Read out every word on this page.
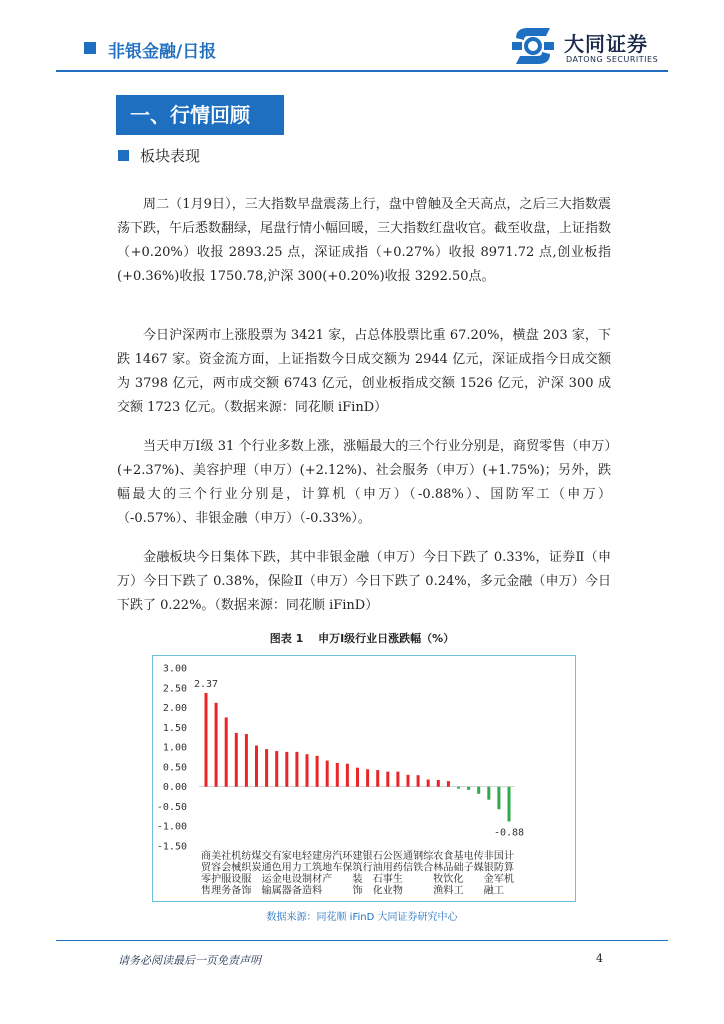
非银金融/日报	大同证券
DATONG SECURITIES
一、行情回顾
板块表现

周二（1月9日），三大指数早盘震荡上行，盘中曾触及全天高点，之后三大指数震荡下跌，午后悉数翻绿，尾盘行情小幅回暖，三大指数红盘收官。截至收盘，上证指数（+0.20%）收报 2893.25 点，深证成指（+0.27%）收报 8971.72 点,创业板指(+0.36%)收报 1750.78,沪深 300(+0.20%)收报 3292.50点。

今日沪深两市上涨股票为 3421 家，占总体股票比重 67.20%，横盘 203 家，下跌 1467 家。资金流方面，上证指数今日成交额为 2944 亿元，深证成指今日成交额为 3798 亿元，两市成交额 6743 亿元，创业板指成交额 1526 亿元，沪深 300 成交额 1723 亿元。（数据来源：同花顺 iFinD）

当天申万Ⅰ级 31 个行业多数上涨，涨幅最大的三个行业分别是，商贸零售（申万）(+2.37%)、美容护理（申万）(+2.12%)、社会服务（申万）(+1.75%)；另外，跌幅最大的三个行业分别是，计算机（申万）（-0.88%）、国防军工（申万）（-0.57%）、非银金融（申万）（-0.33%）。

金融板块今日集体下跌，其中非银金融（申万）今日下跌了 0.33%，证券Ⅱ（申万）今日下跌了 0.38%，保险Ⅱ（申万）今日下跌了 0.24%，多元金融（申万）今日下跌了 0.22%。（数据来源：同花顺 iFinD）

图表 1　 申万Ⅰ级行业日涨跌幅（%）
3.00
2.50
2.00
1.50
1.00
0.50
0.00
-0.50
-1.00
-1.50
2.37
-0.88
商贸零售
美容护理
社会服务
机械设备
纺织服饰
煤炭
交通运输
有色金属
家用电器
电力设备
轻工制造
建筑材料
房地产
汽车
环保
建筑装饰
银行
石油石化
公用事业
医药生物
通信
钢铁
综合
农林牧渔
食品饮料
基础化工
电子
传媒
非银金融
国防军工
计算机
数据来源：同花顺 iFinD 大同证券研究中心
请务必阅读最后一页免责声明	4
